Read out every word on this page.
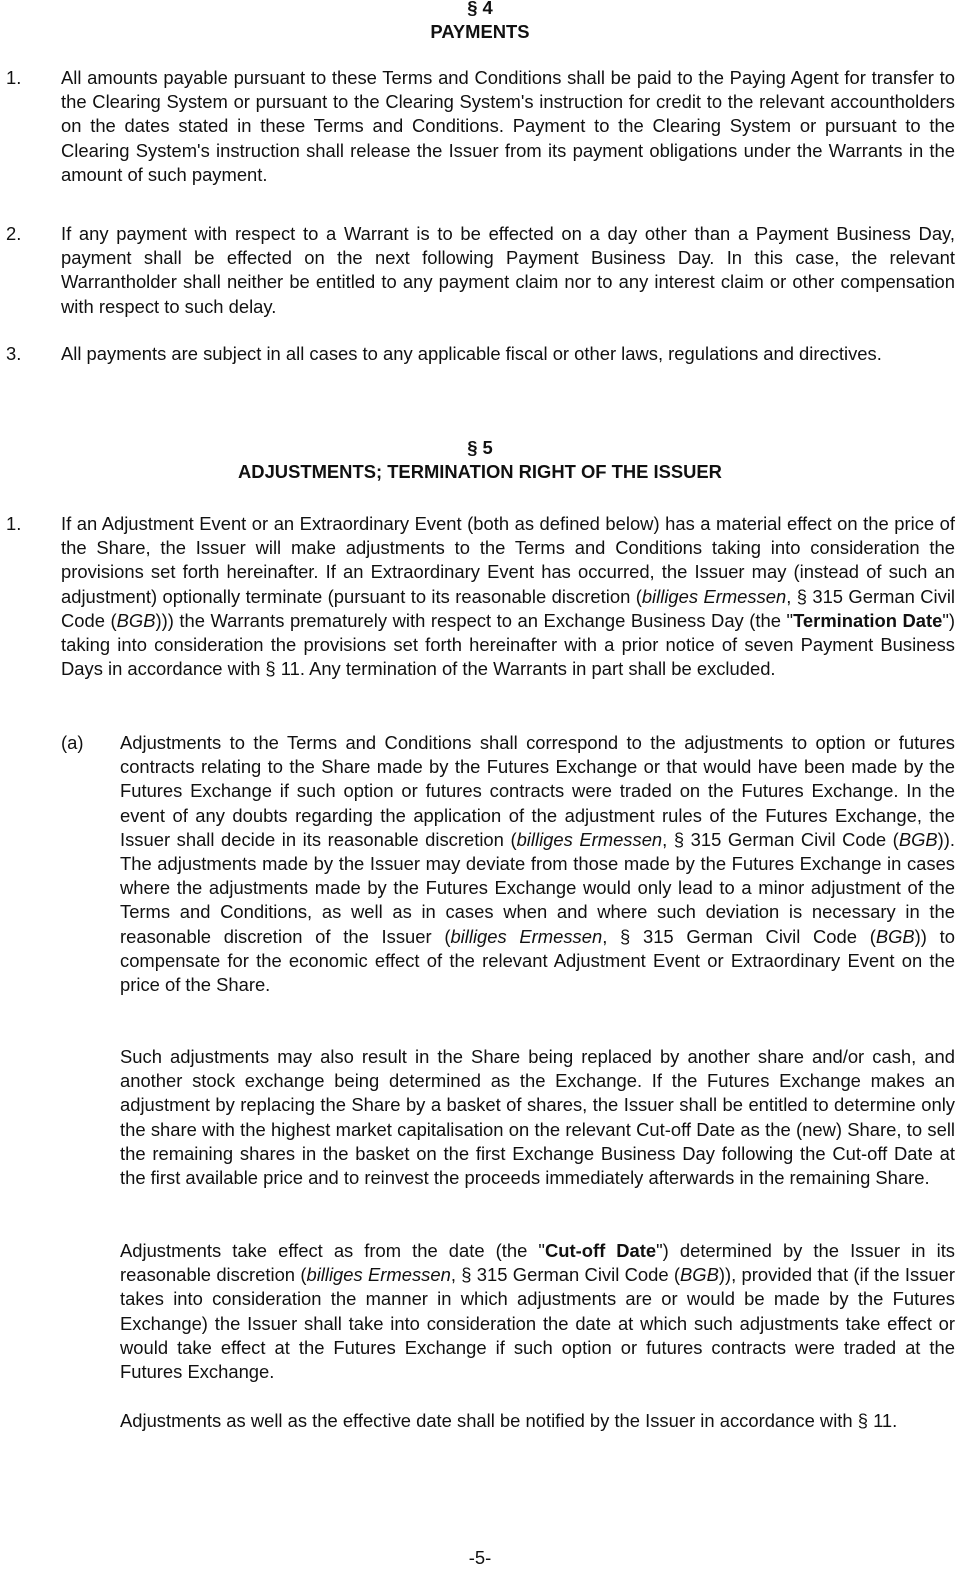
§ 4
PAYMENTS
1. All amounts payable pursuant to these Terms and Conditions shall be paid to the Paying Agent for transfer to the Clearing System or pursuant to the Clearing System's instruction for credit to the relevant accountholders on the dates stated in these Terms and Conditions. Payment to the Clearing System or pursuant to the Clearing System's instruction shall release the Issuer from its payment obligations under the Warrants in the amount of such payment.
2. If any payment with respect to a Warrant is to be effected on a day other than a Payment Business Day, payment shall be effected on the next following Payment Business Day. In this case, the relevant Warrantholder shall neither be entitled to any payment claim nor to any interest claim or other compensation with respect to such delay.
3. All payments are subject in all cases to any applicable fiscal or other laws, regulations and directives.
§ 5
ADJUSTMENTS; TERMINATION RIGHT OF THE ISSUER
1. If an Adjustment Event or an Extraordinary Event (both as defined below) has a material effect on the price of the Share, the Issuer will make adjustments to the Terms and Conditions taking into consideration the provisions set forth hereinafter. If an Extraordinary Event has occurred, the Issuer may (instead of such an adjustment) optionally terminate (pursuant to its reasonable discretion (billiges Ermessen, § 315 German Civil Code (BGB))) the Warrants prematurely with respect to an Exchange Business Day (the "Termination Date") taking into consideration the provisions set forth hereinafter with a prior notice of seven Payment Business Days in accordance with § 11. Any termination of the Warrants in part shall be excluded.
(a) Adjustments to the Terms and Conditions shall correspond to the adjustments to option or futures contracts relating to the Share made by the Futures Exchange or that would have been made by the Futures Exchange if such option or futures contracts were traded on the Futures Exchange. In the event of any doubts regarding the application of the adjustment rules of the Futures Exchange, the Issuer shall decide in its reasonable discretion (billiges Ermessen, § 315 German Civil Code (BGB)). The adjustments made by the Issuer may deviate from those made by the Futures Exchange in cases where the adjustments made by the Futures Exchange would only lead to a minor adjustment of the Terms and Conditions, as well as in cases when and where such deviation is necessary in the reasonable discretion of the Issuer (billiges Ermessen, § 315 German Civil Code (BGB)) to compensate for the economic effect of the relevant Adjustment Event or Extraordinary Event on the price of the Share.
Such adjustments may also result in the Share being replaced by another share and/or cash, and another stock exchange being determined as the Exchange. If the Futures Exchange makes an adjustment by replacing the Share by a basket of shares, the Issuer shall be entitled to determine only the share with the highest market capitalisation on the relevant Cut-off Date as the (new) Share, to sell the remaining shares in the basket on the first Exchange Business Day following the Cut-off Date at the first available price and to reinvest the proceeds immediately afterwards in the remaining Share.
Adjustments take effect as from the date (the "Cut-off Date") determined by the Issuer in its reasonable discretion (billiges Ermessen, § 315 German Civil Code (BGB)), provided that (if the Issuer takes into consideration the manner in which adjustments are or would be made by the Futures Exchange) the Issuer shall take into consideration the date at which such adjustments take effect or would take effect at the Futures Exchange if such option or futures contracts were traded at the Futures Exchange.
Adjustments as well as the effective date shall be notified by the Issuer in accordance with § 11.
-5-
